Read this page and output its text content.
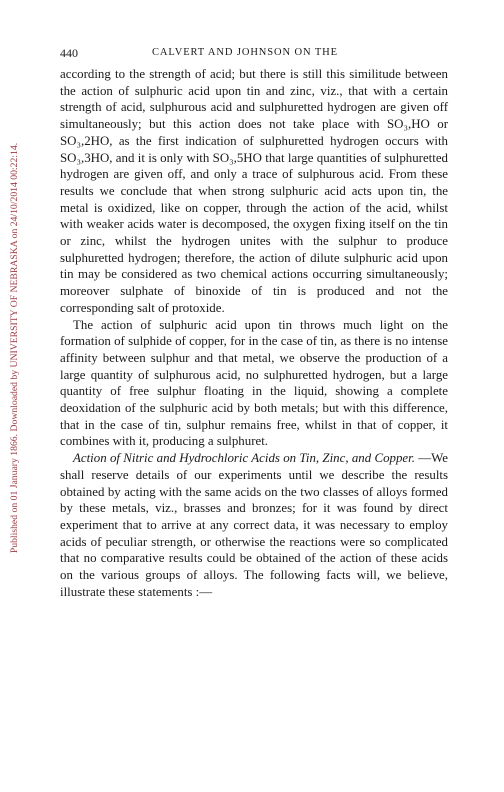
Published on 01 January 1866. Downloaded by UNIVERSITY OF NEBRASKA on 24/10/2014 00:22:14.
440	CALVERT AND JOHNSON ON THE

according to the strength of acid; but there is still this similitude between the action of sulphuric acid upon tin and zinc, viz., that with a certain strength of acid, sulphurous acid and sulphuretted hydrogen are given off simultaneously; but this action does not take place with SO₃,HO or SO₃,2HO, as the first indication of sulphuretted hydrogen occurs with SO₃,3HO, and it is only with SO₃,5HO that large quantities of sulphuretted hydrogen are given off, and only a trace of sulphurous acid. From these results we conclude that when strong sulphuric acid acts upon tin, the metal is oxidized, like on copper, through the action of the acid, whilst with weaker acids water is decomposed, the oxygen fixing itself on the tin or zinc, whilst the hydrogen unites with the sulphur to produce sulphuretted hydrogen; therefore, the action of dilute sulphuric acid upon tin may be considered as two chemical actions occurring simultaneously; moreover sulphate of binoxide of tin is produced and not the corresponding salt of protoxide.

The action of sulphuric acid upon tin throws much light on the formation of sulphide of copper, for in the case of tin, as there is no intense affinity between sulphur and that metal, we observe the production of a large quantity of sulphurous acid, no sulphuretted hydrogen, but a large quantity of free sulphur floating in the liquid, showing a complete deoxidation of the sulphuric acid by both metals; but with this difference, that in the case of tin, sulphur remains free, whilst in that of copper, it combines with it, producing a sulphuret.

Action of Nitric and Hydrochloric Acids on Tin, Zinc, and Copper. —We shall reserve details of our experiments until we describe the results obtained by acting with the same acids on the two classes of alloys formed by these metals, viz., brasses and bronzes; for it was found by direct experiment that to arrive at any correct data, it was necessary to employ acids of peculiar strength, or otherwise the reactions were so complicated that no comparative results could be obtained of the action of these acids on the various groups of alloys. The following facts will, we believe, illustrate these statements :—
